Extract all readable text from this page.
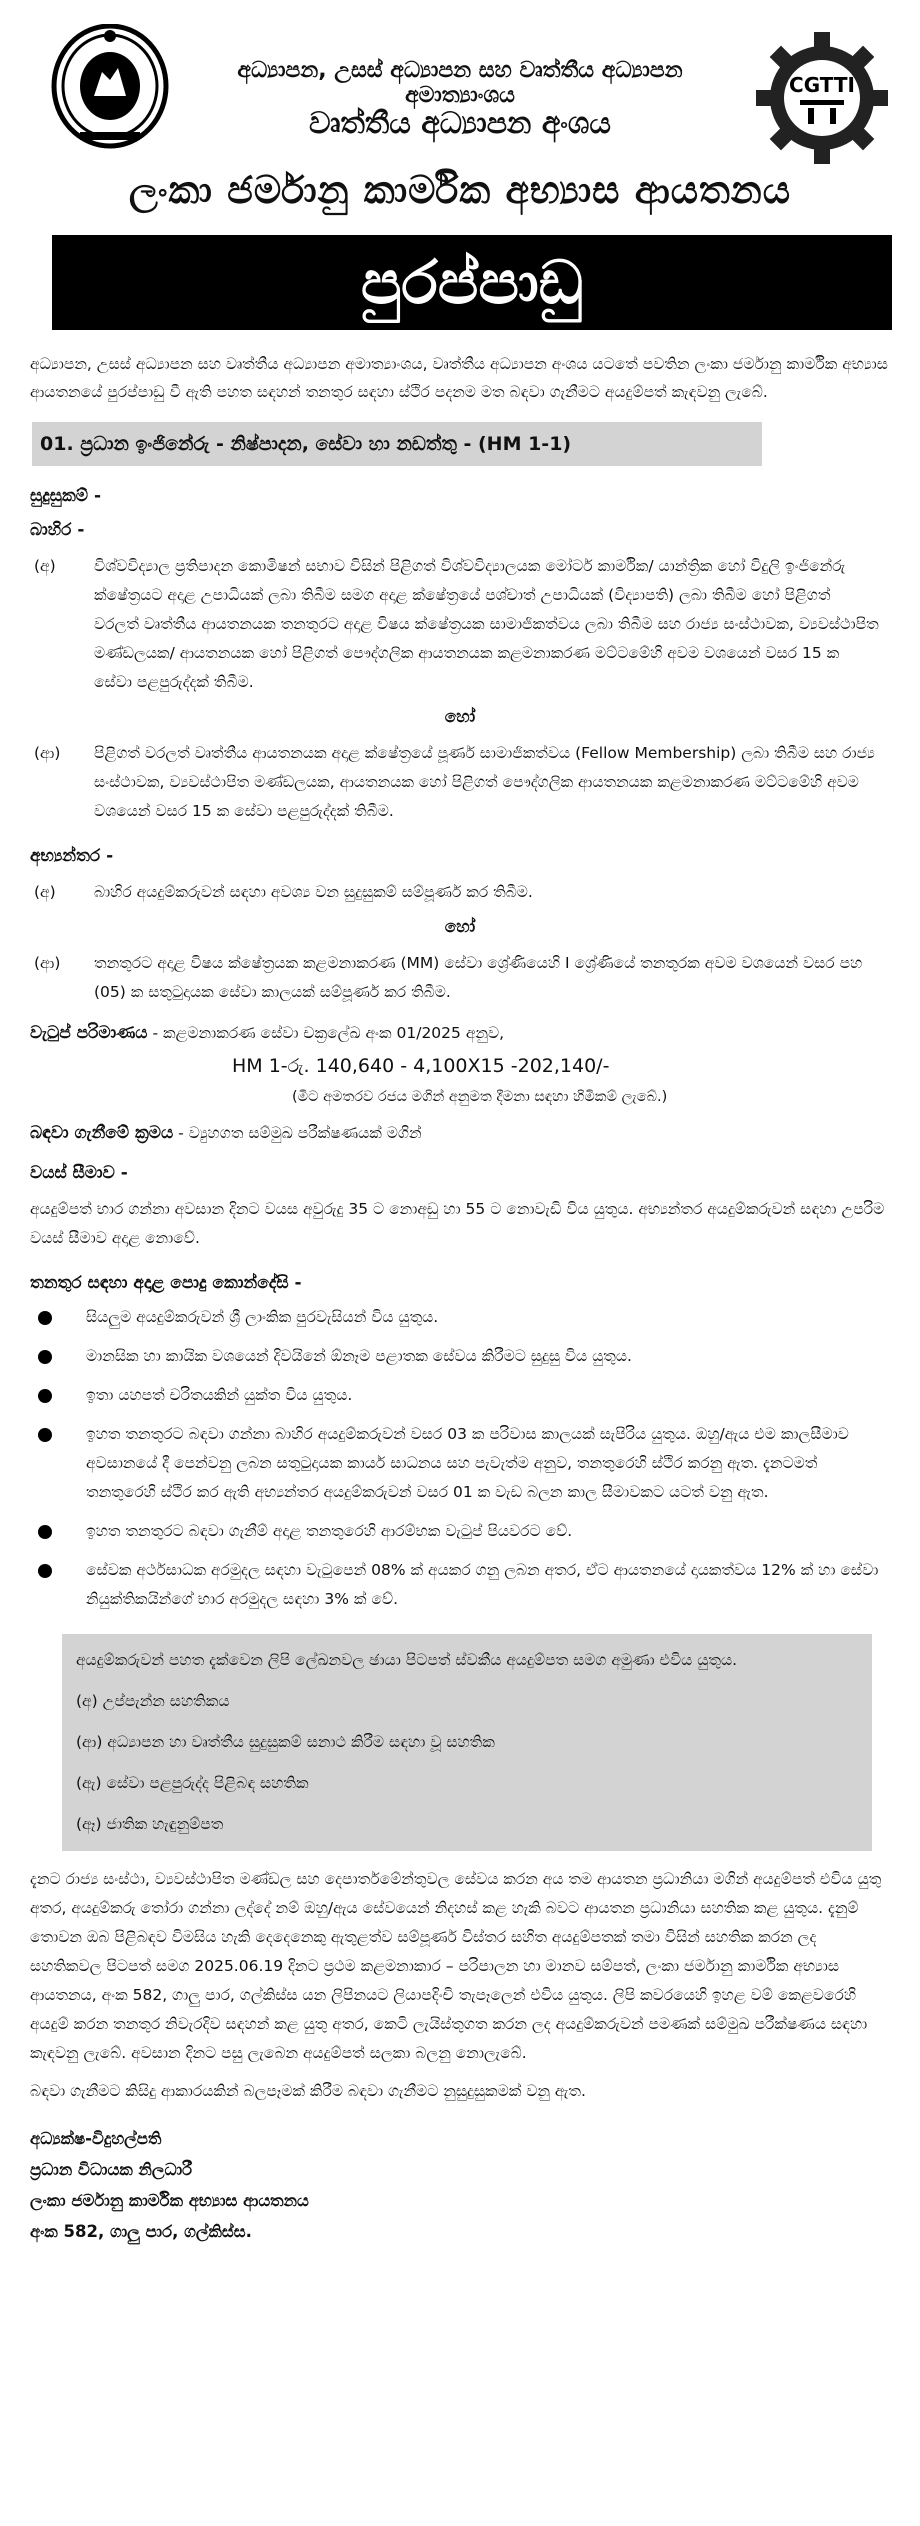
අධ්‍යාපන, උසස් අධ්‍යාපන සහ වෘත්තීය අධ්‍යාපන අමාත්‍යාංශය
වෘත්තීය අධ්‍යාපන අංශය
CGTTI
ලංකා ජර්මානු කාර්මික අභ්‍යාස ආයතනය
පුරප්පාඩු

අධ්‍යාපන, උසස් අධ්‍යාපන සහ වෘත්තීය අධ්‍යාපන අමාත්‍යාංශය, වෘත්තීය අධ්‍යාපන අංශය යටතේ පවතින ලංකා ජර්මානු කාර්මික අභ්‍යාස ආයතනයේ පුරප්පාඩු වී ඇති පහත සඳහන් තනතුර සඳහා ස්ථිර පදනම මත බඳවා ගැනීමට අයදුම්පත් කැඳවනු ලැබේ.

01. ප්‍රධාන ඉංජිනේරු - නිෂ්පාදන, සේවා හා නඩත්තු - (HM 1-1)
සුදුසුකම් -
බාහිර -
(අ)	විශ්වවිද්‍යාල ප්‍රතිපාදන කොමිෂන් සභාව විසින් පිළිගත් විශ්වවිද්‍යාලයක මෝටර් කාර්මික/ යාන්ත්‍රික හෝ විදුලි ඉංජිනේරු ක්ෂේත්‍රයට අදාළ උපාධියක් ලබා තිබීම සමග අදාළ ක්ෂේත්‍රයේ පශ්චාත් උපාධියක් (විද්‍යාපති) ලබා තිබීම හෝ පිළිගත් වරලත් වෘත්තීය ආයතනයක තනතුරට අදාළ විෂය ක්ෂේත්‍රයක සාමාජිකත්වය ලබා තිබීම සහ රාජ්‍ය සංස්ථාවක, ව්‍යවස්ථාපිත මණ්ඩලයක/ ආයතනයක හෝ පිළිගත් පෞද්ගලික ආයතනයක කළමනාකරණ මට්ටමේහි අවම වශයෙන් වසර 15 ක සේවා පළපුරුද්දක් තිබීම.
හෝ
(ආ)	පිළිගත් වරලත් වෘත්තීය ආයතනයක අදාළ ක්ෂේත්‍රයේ පූර්ණ සාමාජිකත්වය (Fellow Membership) ලබා තිබීම සහ රාජ්‍ය සංස්ථාවක, ව්‍යවස්ථාපිත මණ්ඩලයක, ආයතනයක හෝ පිළිගත් පෞද්ගලික ආයතනයක කළමනාකරණ මට්ටමේහි අවම වශයෙන් වසර 15 ක සේවා පළපුරුද්දක් තිබීම.
අභ්‍යන්තර -
(අ)	බාහිර අයදුම්කරුවන් සඳහා අවශ්‍ය වන සුදුසුකම් සම්පූර්ණ කර තිබීම.
හෝ
(ආ)	තනතුරට අදාළ විෂය ක්ෂේත්‍රයක කළමනාකරණ (MM) සේවා ශ්‍රේණියෙහි I ශ්‍රේණියේ තනතුරක අවම වශයෙන් වසර පහ (05) ක සතුටුදායක සේවා කාලයක් සම්පූර්ණ කර තිබීම.
වැටුප් පරිමාණය - කළමනාකරණ සේවා චක්‍රලේඛ අංක 01/2025 අනුව,
HM 1-රු. 140,640 - 4,100X15 -202,140/-
(මීට අමතරව රජය මගින් අනුමත දීමනා සඳහා හිමිකම් ලැබේ.)
බඳවා ගැනීමේ ක්‍රමය - ව්‍යුහගත සම්මුඛ පරීක්ෂණයක් මගින්
වයස් සීමාව -

අයදුම්පත් භාර ගන්නා අවසාන දිනට වයස අවුරුදු 35 ට නොඅඩු හා 55 ට නොවැඩි විය යුතුය. අභ්‍යන්තර අයදුම්කරුවන් සඳහා උපරිම වයස් සීමාව අදාළ නොවේ.

තනතුර සඳහා අදාළ පොදු කොන්දේසි -
සියලුම අයදුම්කරුවන් ශ්‍රී ලාංකික පුරවැසියන් විය යුතුය.
මානසික හා කායික වශයෙන් දිවයිනේ ඕනෑම පළාතක සේවය කිරීමට සුදුසු විය යුතුය.
ඉතා යහපත් චරිතයකින් යුක්ත විය යුතුය.
ඉහත තනතුරට බඳවා ගන්නා බාහිර අයදුම්කරුවන් වසර 03 ක පරිවාස කාලයක් සැපිරිය යුතුය. ඔහු/ඇය එම කාලසීමාව අවසානයේ දී පෙන්වනු ලබන සතුටුදායක කාර්ය සාධනය සහ පැවැත්ම අනුව, තනතුරෙහි ස්ථිර කරනු ඇත. දැනටමත් තනතුරෙහි ස්ථිර කර ඇති අභ්‍යන්තර අයදුම්කරුවන් වසර 01 ක වැඩ බලන කාල සීමාවකට යටත් වනු ඇත.
ඉහත තනතුරට බඳවා ගැනීම් අදාළ තනතුරෙහි ආරම්භක වැටුප් පියවරට වේ.
සේවක අර්ථසාධක අරමුදල සඳහා වැටුපෙන් 08% ක් අයකර ගනු ලබන අතර, ඒට ආයතනයේ දායකත්වය 12% ක් හා සේවා නියුක්තිකයින්ගේ භාර අරමුදල සඳහා 3% ක් වේ.
අයදුම්කරුවන් පහත දැක්වෙන ලිපි ලේඛනවල ඡායා පිටපත් ස්වකීය අයදුම්පත සමග අමුණා එවිය යුතුය.
(අ) උප්පැන්න සහතිකය
(ආ) අධ්‍යාපන හා වෘත්තීය සුදුසුකම් සනාථ කිරීම සඳහා වූ සහතික
(ඇ) සේවා පළපුරුද්ද පිළිබඳ සහතික
(ඈ) ජාතික හැඳුනුම්පත

දැනට රාජ්‍ය සංස්ථා, ව්‍යවස්ථාපිත මණ්ඩල සහ දෙපාර්තමේන්තුවල සේවය කරන අය තම ආයතන ප්‍රධානියා මගින් අයදුම්පත් එවිය යුතු අතර, අයදුම්කරු තෝරා ගන්නා ලද්දේ නම් ඔහු/ඇය සේවයෙන් නිදහස් කළ හැකි බවට ආයතන ප්‍රධානියා සහතික කළ යුතුය. දැනුම් තොවන ඔබ පිළිබඳව විමසිය හැකි දෙදෙනෙකු ඇතුළත්ව සම්පූර්ණ විස්තර සහිත අයදුම්පතක් තමා විසින් සහතික කරන ලද සහතිකවල පිටපත් සමග 2025.06.19 දිනට ප්‍රථම කළමනාකාර – පරිපාලන හා මානව සම්පත්, ලංකා ජර්මානු කාර්මික අභ්‍යාස ආයතනය, අංක 582, ගාලු පාර, ගල්කිස්ස යන ලිපිනයට ලියාපදිංචි තැපෑලෙන් එවිය යුතුය. ලිපි කවරයෙහි ඉහළ වම් කෙළවරෙහි අයදුම් කරන තනතුර නිවැරදිව සඳහන් කළ යුතු අතර, කෙටි ලැයිස්තුගත කරන ලද අයදුම්කරුවන් පමණක් සම්මුඛ පරීක්ෂණය සඳහා කැඳවනු ලැබේ. අවසාන දිනට පසු ලැබෙන අයදුම්පත් සලකා බලනු නොලැබේ.

බඳවා ගැනීමට කිසිදු ආකාරයකින් බලපෑමක් කිරීම බඳවා ගැනීමට නුසුදුසුකමක් වනු ඇත.

අධ්‍යක්ෂ-විදුහල්පති
ප්‍රධාන විධායක නිලධාරී
ලංකා ජර්මානු කාර්මික අභ්‍යාස ආයතනය
අංක 582, ගාලු පාර, ගල්කිස්ස.
